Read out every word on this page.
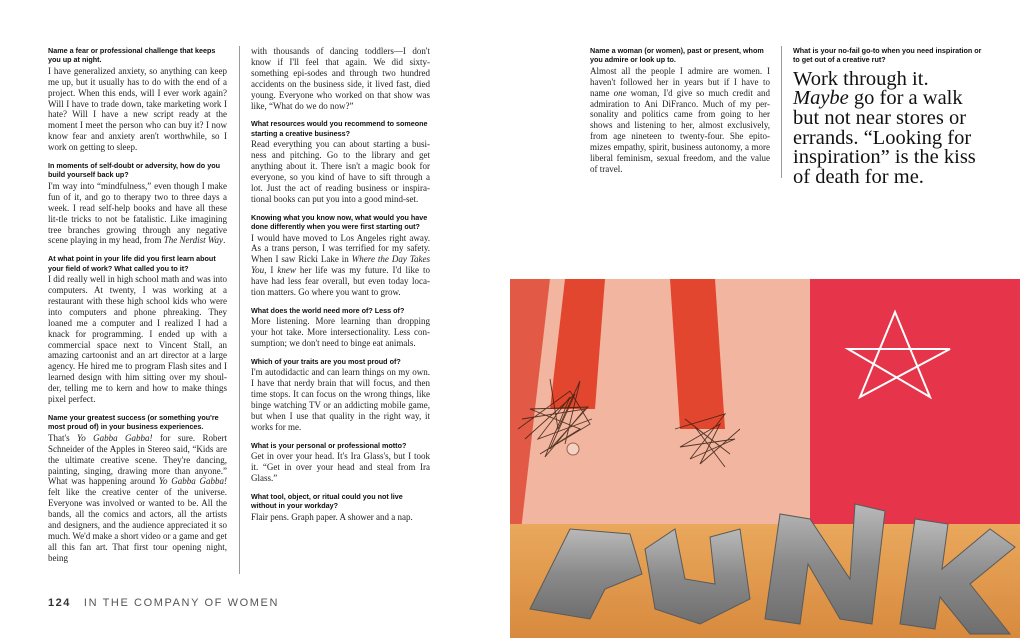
Name a fear or professional challenge that keeps you up at night.
I have generalized anxiety, so anything can keep me up, but it usually has to do with the end of a project. When this ends, will I ever work again? Will I have to trade down, take marketing work I hate? Will I have a new script ready at the moment I meet the person who can buy it? I now know fear and anxiety aren't worthwhile, so I work on getting to sleep.

In moments of self-doubt or adversity, how do you build yourself back up?
I'm way into “mindfulness,” even though I make fun of it, and go to therapy two to three days a week. I read self-help books and have all these lit-tle tricks to not be fatalistic. Like imagining tree branches growing through any negative scene playing in my head, from The Nerdist Way.

At what point in your life did you first learn about your field of work? What called you to it?
I did really well in high school math and was into computers. At twenty, I was working at a restaurant with these high school kids who were into computers and phone phreaking. They loaned me a computer and I realized I had a knack for programming. I ended up with a commercial space next to Vincent Stall, an amazing cartoonist and an art director at a large agency. He hired me to program Flash sites and I learned design with him sitting over my shoul-der, telling me to kern and how to make things pixel perfect.

Name your greatest success (or something you're most proud of) in your business experiences.
That's Yo Gabba Gabba! for sure. Robert Schneider of the Apples in Stereo said, “Kids are the ultimate creative scene. They're dancing, painting, singing, drawing more than anyone.” What was happening around Yo Gabba Gabba! felt like the creative center of the universe. Everyone was involved or wanted to be. All the bands, all the comics and actors, all the artists and designers, and the audience appreciated it so much. We'd make a short video or a game and get all this fan art. That first tour opening night, being

with thousands of dancing toddlers—I don't know if I'll feel that again. We did sixty-something epi-sodes and through two hundred accidents on the business side, it lived fast, died young. Everyone who worked on that show was like, “What do we do now?”

What resources would you recommend to someone starting a creative business?
Read everything you can about starting a busi-ness and pitching. Go to the library and get anything about it. There isn't a magic book for everyone, so you kind of have to sift through a lot. Just the act of reading business or inspira-tional books can put you into a good mind-set.

Knowing what you know now, what would you have done differently when you were first starting out?
I would have moved to Los Angeles right away. As a trans person, I was terrified for my safety. When I saw Ricki Lake in Where the Day Takes You, I knew her life was my future. I'd like to have had less fear overall, but even today loca-tion matters. Go where you want to grow.

What does the world need more of? Less of?
More listening. More learning than dropping your hot take. More intersectionality. Less con-sumption; we don't need to binge eat animals.

Which of your traits are you most proud of?
I'm autodidactic and can learn things on my own. I have that nerdy brain that will focus, and then time stops. It can focus on the wrong things, like binge watching TV or an addicting mobile game, but when I use that quality in the right way, it works for me.

What is your personal or professional motto?
Get in over your head. It's Ira Glass's, but I took it. “Get in over your head and steal from Ira Glass.”

What tool, object, or ritual could you not live without in your workday?
Flair pens. Graph paper. A shower and a nap.

Name a woman (or women), past or present, whom you admire or look up to.
Almost all the people I admire are women. I haven't followed her in years but if I have to name one woman, I'd give so much credit and admiration to Ani DiFranco. Much of my per-sonality and politics came from going to her shows and listening to her, almost exclusively, from age nineteen to twenty-four. She epito-mizes empathy, spirit, business autonomy, a more liberal feminism, sexual freedom, and the value of travel.

What is your no-fail go-to when you need inspiration or to get out of a creative rut?
Work through it. Maybe go for a walk but not near stores or errands. “Looking for inspiration” is the kiss of death for me.
124 IN THE COMPANY OF WOMEN
